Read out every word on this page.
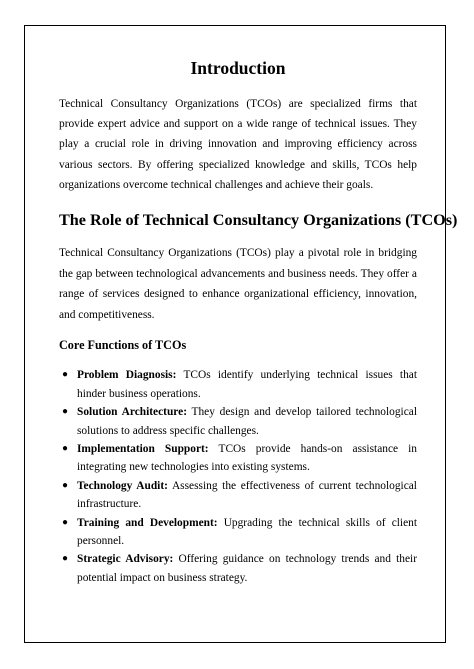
Introduction

Technical Consultancy Organizations (TCOs) are specialized firms that provide expert advice and support on a wide range of technical issues. They play a crucial role in driving innovation and improving efficiency across various sectors. By offering specialized knowledge and skills, TCOs help organizations overcome technical challenges and achieve their goals.

The Role of Technical Consultancy Organizations (TCOs)

Technical Consultancy Organizations (TCOs) play a pivotal role in bridging the gap between technological advancements and business needs. They offer a range of services designed to enhance organizational efficiency, innovation, and competitiveness.

Core Functions of TCOs
● Problem Diagnosis: TCOs identify underlying technical issues that hinder business operations.
● Solution Architecture: They design and develop tailored technological solutions to address specific challenges.
● Implementation Support: TCOs provide hands-on assistance in integrating new technologies into existing systems.
● Technology Audit: Assessing the effectiveness of current technological infrastructure.
● Training and Development: Upgrading the technical skills of client personnel.
● Strategic Advisory: Offering guidance on technology trends and their potential impact on business strategy.
